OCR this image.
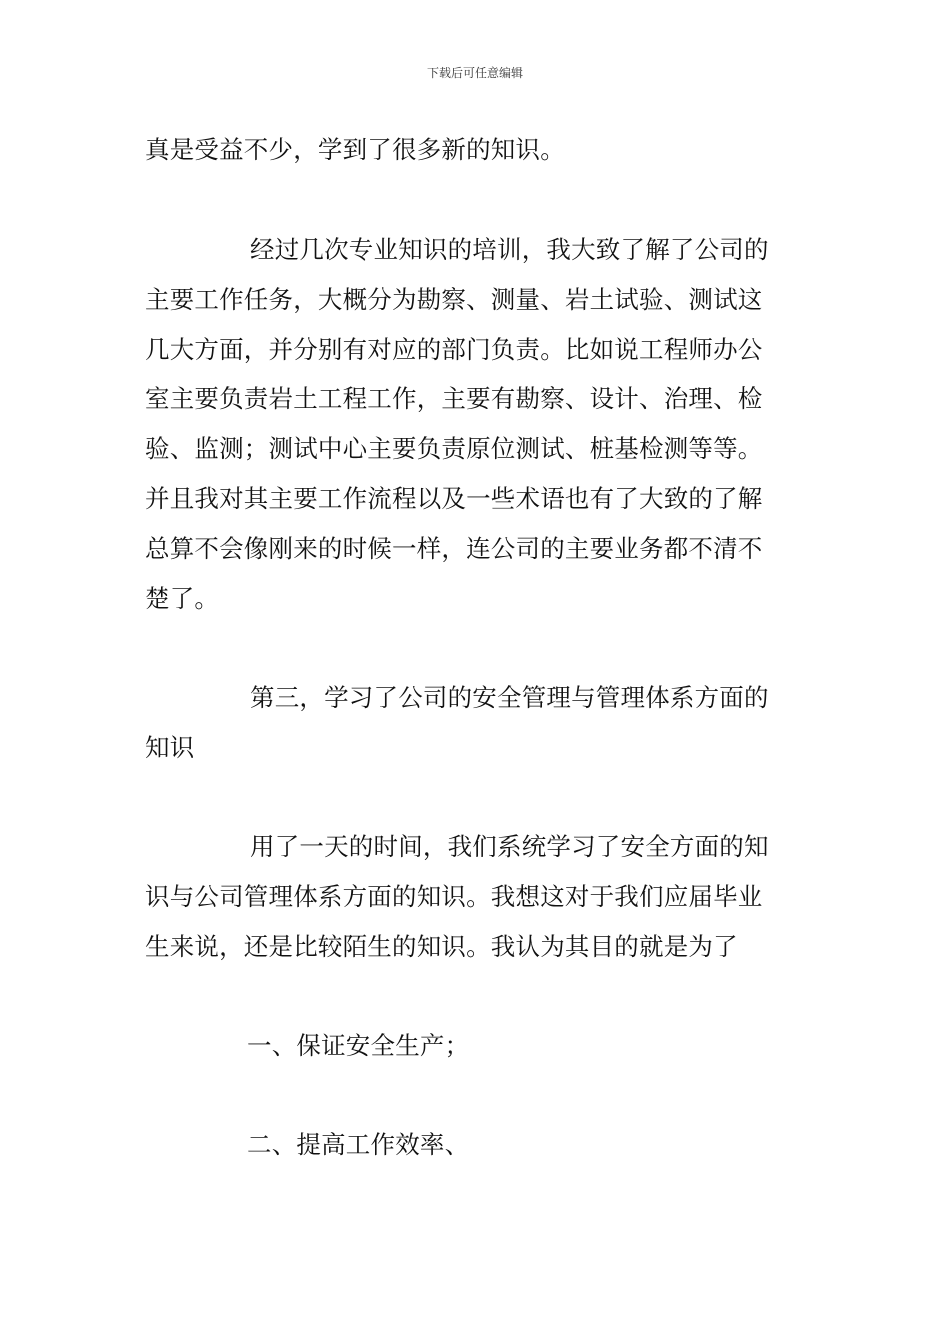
下载后可任意编辑
真是受益不少，学到了很多新的知识。
经过几次专业知识的培训，我大致了解了公司的
主要工作任务，大概分为勘察、测量、岩土试验、测试这
几大方面，并分别有对应的部门负责。比如说工程师办公
室主要负责岩土工程工作，主要有勘察、设计、治理、检
验、监测；测试中心主要负责原位测试、桩基检测等等。
并且我对其主要工作流程以及一些术语也有了大致的了解
总算不会像刚来的时候一样，连公司的主要业务都不清不
楚了。
第三，学习了公司的安全管理与管理体系方面的
知识
用了一天的时间，我们系统学习了安全方面的知
识与公司管理体系方面的知识。我想这对于我们应届毕业
生来说，还是比较陌生的知识。我认为其目的就是为了
一、保证安全生产；
二、提高工作效率、
